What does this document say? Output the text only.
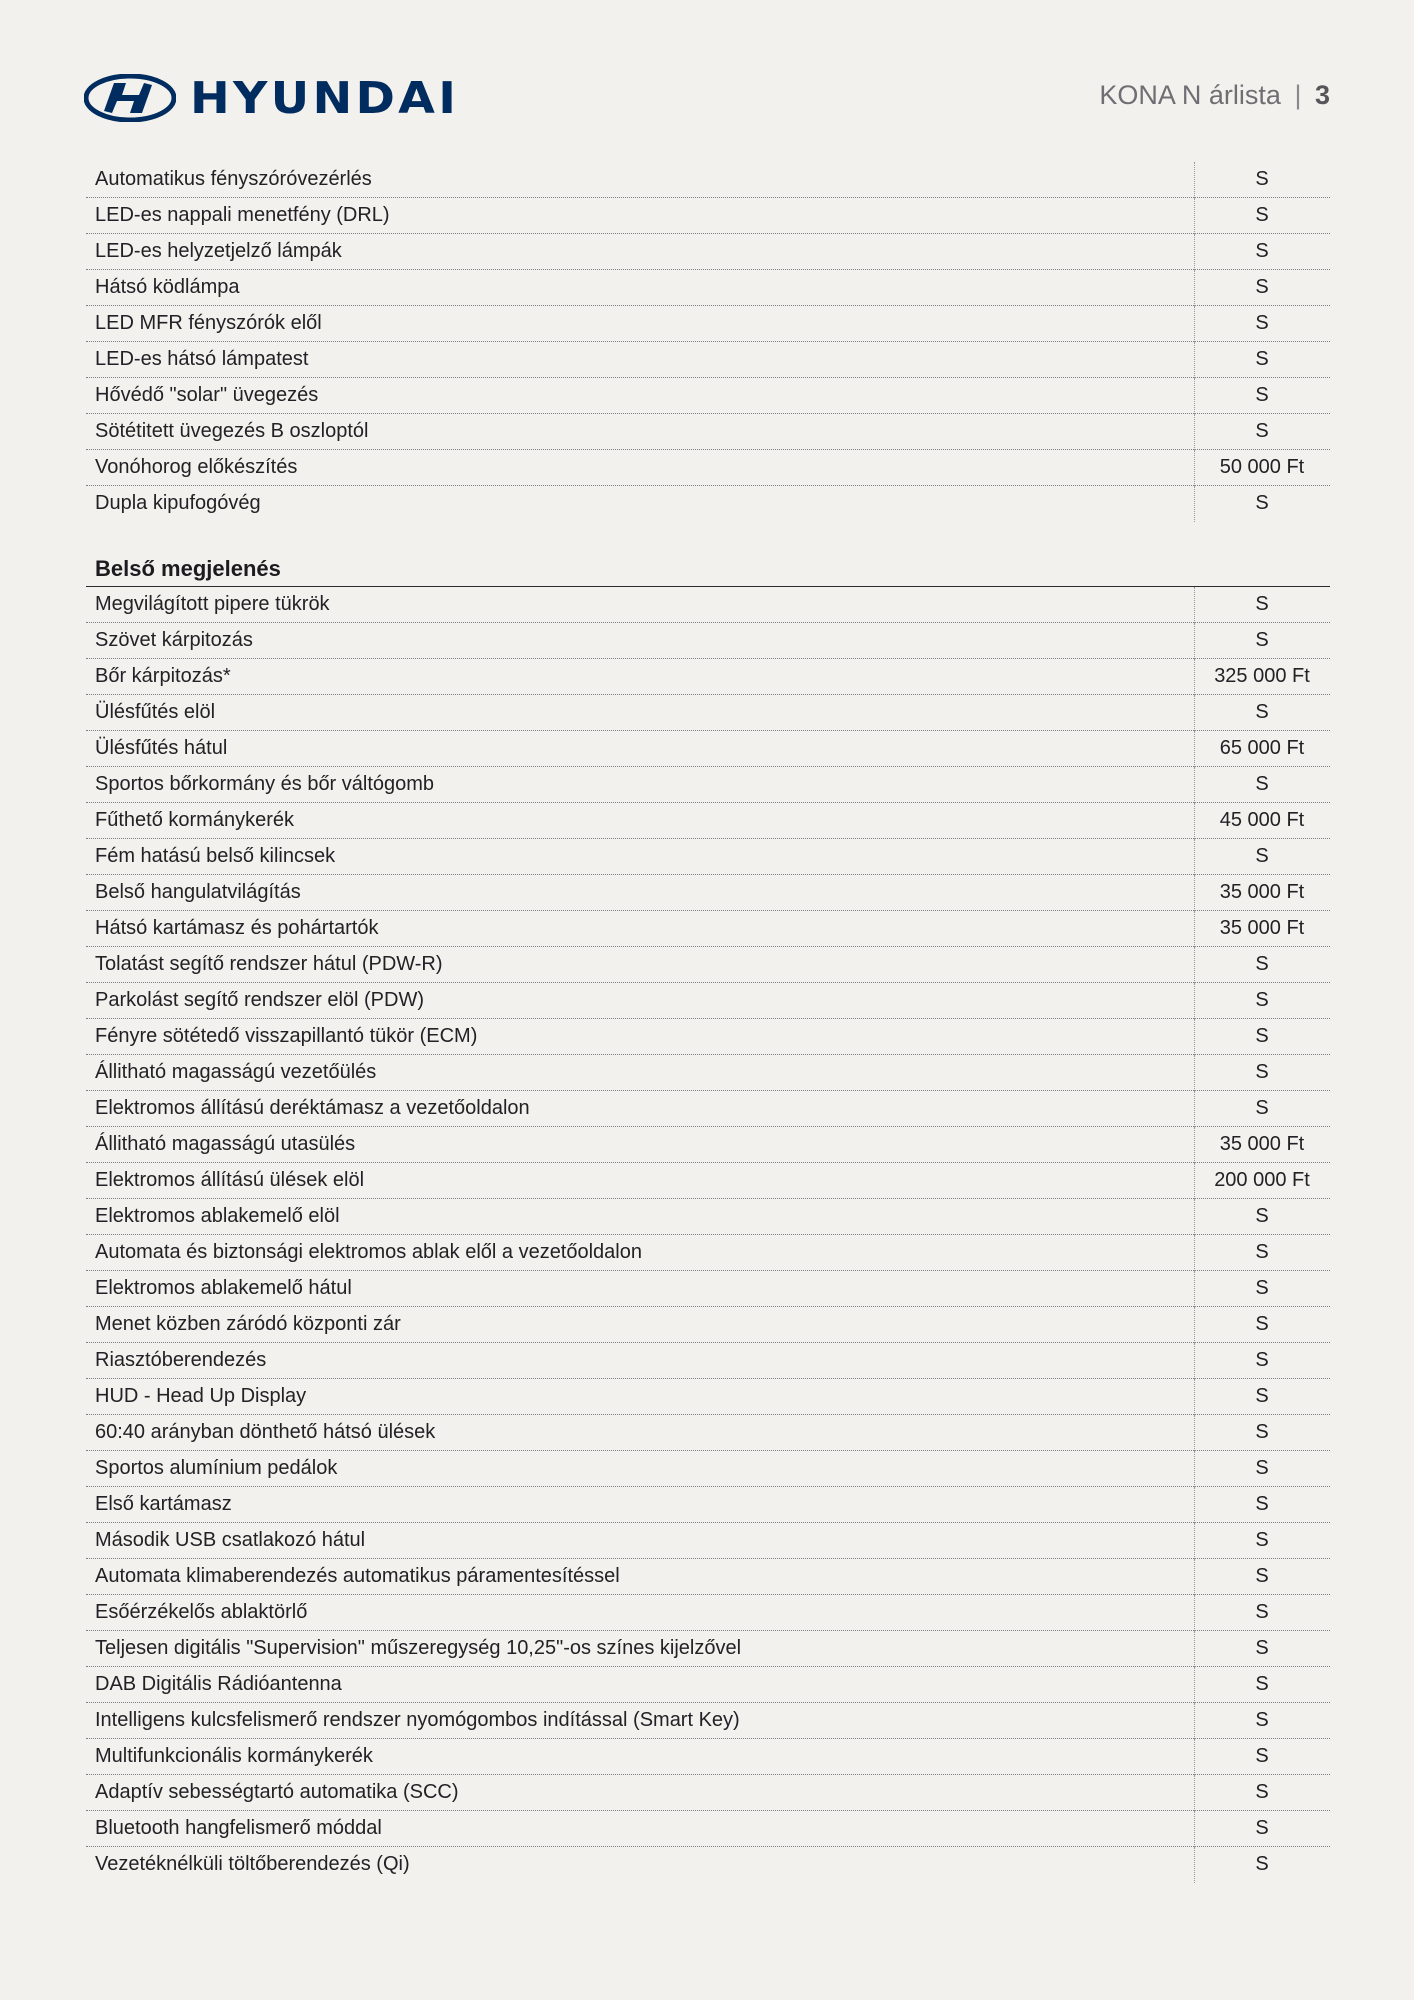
HYUNDAI	KONA N árlista | 3
Automatikus fényszóróvezérlés	S
LED-es nappali menetfény (DRL)	S
LED-es helyzetjelző lámpák	S
Hátsó ködlámpa	S
LED MFR fényszórók elől	S
LED-es hátsó lámpatest	S
Hővédő "solar" üvegezés	S
Sötétitett üvegezés B oszloptól	S
Vonóhorog előkészítés	50 000 Ft
Dupla kipufogóvég	S
Belső megjelenés
Megvilágított pipere tükrök	S
Szövet kárpitozás	S
Bőr kárpitozás*	325 000 Ft
Ülésfűtés elöl	S
Ülésfűtés hátul	65 000 Ft
Sportos bőrkormány és bőr váltógomb	S
Fűthető kormánykerék	45 000 Ft
Fém hatású belső kilincsek	S
Belső hangulatvilágítás	35 000 Ft
Hátsó kartámasz és pohártartók	35 000 Ft
Tolatást segítő rendszer hátul (PDW-R)	S
Parkolást segítő rendszer elöl (PDW)	S
Fényre sötétedő visszapillantó tükör (ECM)	S
Állitható magasságú vezetőülés	S
Elektromos állítású deréktámasz a vezetőoldalon	S
Állitható magasságú utasülés	35 000 Ft
Elektromos állítású ülések elöl	200 000 Ft
Elektromos ablakemelő elöl	S
Automata és biztonsági elektromos ablak elől a vezetőoldalon	S
Elektromos ablakemelő hátul	S
Menet közben záródó központi zár	S
Riasztóberendezés	S
HUD - Head Up Display	S
60:40 arányban dönthető hátsó ülések	S
Sportos alumínium pedálok	S
Első kartámasz	S
Második USB csatlakozó hátul	S
Automata klimaberendezés automatikus páramentesítéssel	S
Esőérzékelős ablaktörlő	S
Teljesen digitális "Supervision" műszeregység 10,25"-os színes kijelzővel	S
DAB Digitális Rádióantenna	S
Intelligens kulcsfelismerő rendszer nyomógombos indítással (Smart Key)	S
Multifunkcionális kormánykerék	S
Adaptív sebességtartó automatika (SCC)	S
Bluetooth hangfelismerő móddal	S
Vezetéknélküli töltőberendezés (Qi)	S
